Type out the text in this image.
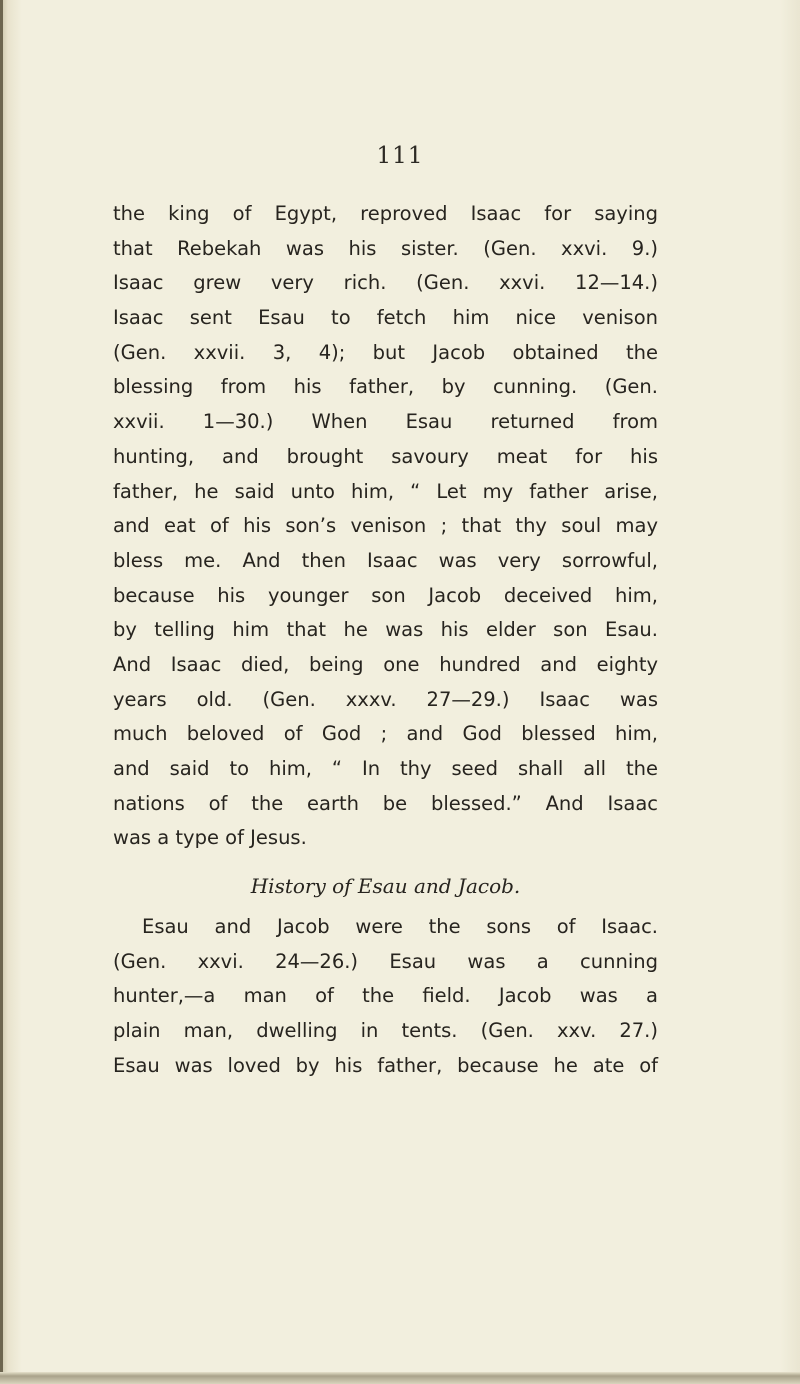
111
the king of Egypt, reproved Isaac for saying
that Rebekah was his sister. (Gen. xxvi. 9.)
Isaac grew very rich. (Gen. xxvi. 12—14.)
Isaac sent Esau to fetch him nice venison
(Gen. xxvii. 3, 4); but Jacob obtained the
blessing from his father, by cunning. (Gen.
xxvii. 1—30.) When Esau returned from
hunting, and brought savoury meat for his
father, he said unto him, “ Let my father arise,
and eat of his son’s venison ; that thy soul may
bless me. And then Isaac was very sorrowful,
because his younger son Jacob deceived him,
by telling him that he was his elder son Esau.
And Isaac died, being one hundred and eighty
years old. (Gen. xxxv. 27—29.) Isaac was
much beloved of God ; and God blessed him,
and said to him, “ In thy seed shall all the
nations of the earth be blessed.” And Isaac
was a type of Jesus.
History of Esau and Jacob.
Esau and Jacob were the sons of Isaac.
(Gen. xxvi. 24—26.) Esau was a cunning
hunter,—a man of the field. Jacob was a
plain man, dwelling in tents. (Gen. xxv. 27.)
Esau was loved by his father, because he ate of
